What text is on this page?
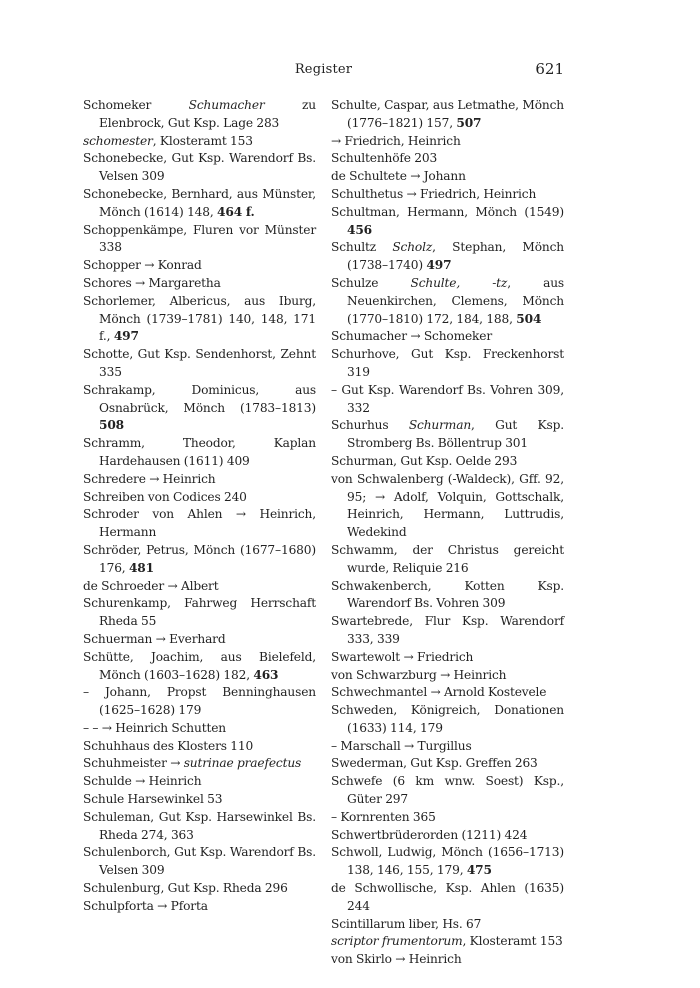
Register	621
Schomeker Schumacher zu Elenbrock, Gut Ksp. Lage 283
schomester, Klosteramt 153
Schonebecke, Gut Ksp. Warendorf Bs. Velsen 309
Schonebecke, Bernhard, aus Münster, Mönch (1614) 148, 464 f.
Schoppenkämpe, Fluren vor Münster 338
Schopper → Konrad
Schores → Margaretha
Schorlemer, Albericus, aus Iburg, Mönch (1739–1781) 140, 148, 171 f., 497
Schotte, Gut Ksp. Sendenhorst, Zehnt 335
Schrakamp, Dominicus, aus Osnabrück, Mönch (1783–1813) 508
Schramm, Theodor, Kaplan Hardehausen (1611) 409
Schredere → Heinrich
Schreiben von Codices 240
Schroder von Ahlen → Heinrich, Hermann
Schröder, Petrus, Mönch (1677–1680) 176, 481
de Schroeder → Albert
Schurenkamp, Fahrweg Herrschaft Rheda 55
Schuerman → Everhard
Schütte, Joachim, aus Bielefeld, Mönch (1603–1628) 182, 463
– Johann, Propst Benninghausen (1625–1628) 179
– – → Heinrich Schutten
Schuhhaus des Klosters 110
Schuhmeister → sutrinae praefectus
Schulde → Heinrich
Schule Harsewinkel 53
Schuleman, Gut Ksp. Harsewinkel Bs. Rheda 274, 363
Schulenborch, Gut Ksp. Warendorf Bs. Velsen 309
Schulenburg, Gut Ksp. Rheda 296
Schulpforta → Pforta
Schulte, Caspar, aus Letmathe, Mönch (1776–1821) 157, 507
→ Friedrich, Heinrich
Schultenhöfe 203
de Schultete → Johann
Schulthetus → Friedrich, Heinrich
Schultman, Hermann, Mönch (1549) 456
Schultz Scholz, Stephan, Mönch (1738–1740) 497
Schulze Schulte, -tz, aus Neuenkirchen, Clemens, Mönch (1770–1810) 172, 184, 188, 504
Schumacher → Schomeker
Schurhove, Gut Ksp. Freckenhorst 319
– Gut Ksp. Warendorf Bs. Vohren 309, 332
Schurhus Schurman, Gut Ksp. Stromberg Bs. Böllentrup 301
Schurman, Gut Ksp. Oelde 293
von Schwalenberg (-Waldeck), Gff. 92, 95; → Adolf, Volquin, Gottschalk, Heinrich, Hermann, Luttrudis, Wedekind
Schwamm, der Christus gereicht wurde, Reliquie 216
Schwakenberch, Kotten Ksp. Warendorf Bs. Vohren 309
Swartebrede, Flur Ksp. Warendorf 333, 339
Swartewolt → Friedrich
von Schwarzburg → Heinrich
Schwechmantel → Arnold Kostevele
Schweden, Königreich, Donationen (1633) 114, 179
– Marschall → Turgillus
Swederman, Gut Ksp. Greffen 263
Schwefe (6 km wnw. Soest) Ksp., Güter 297
– Kornrenten 365
Schwertbrüderorden (1211) 424
Schwoll, Ludwig, Mönch (1656–1713) 138, 146, 155, 179, 475
de Schwollische, Ksp. Ahlen (1635) 244
Scintillarum liber, Hs. 67
scriptor frumentorum, Klosteramt 153
von Skirlo → Heinrich
